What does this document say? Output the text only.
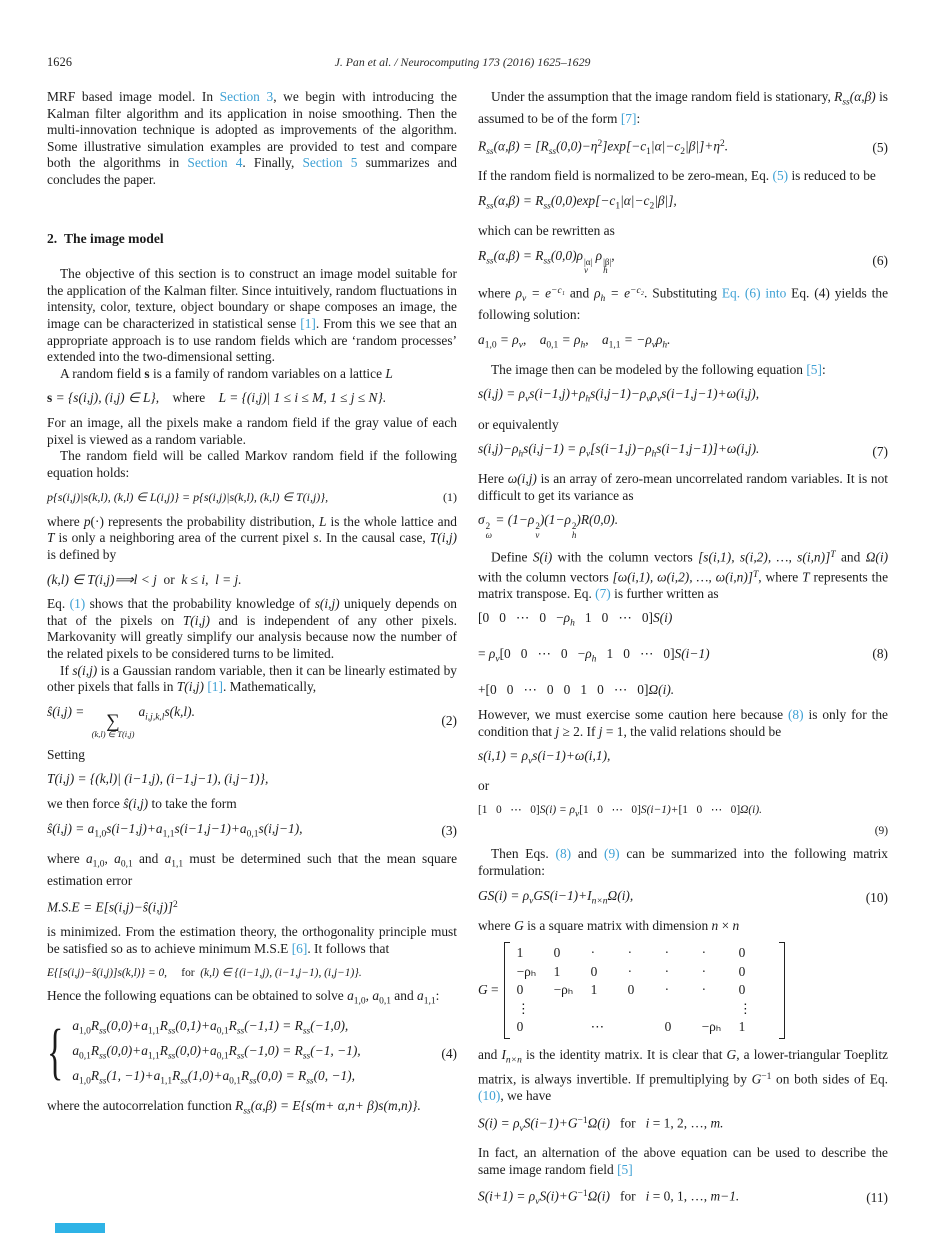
1626	J. Pan et al. / Neurocomputing 173 (2016) 1625–1629
MRF based image model. In Section 3, we begin with introducing the Kalman filter algorithm and its application in noise smoothing. Then the multi-innovation technique is adopted as improvements of the algorithm. Some illustrative simulation examples are provided to test and compare both the algorithms in Section 4. Finally, Section 5 summarizes and concludes the paper.
2. The image model
The objective of this section is to construct an image model suitable for the application of the Kalman filter. Since intuitively, random fluctuations in intensity, color, texture, object boundary or shape composes an image, the image can be characterized in statistical sense [1]. From this we see that an appropriate approach is to use random fields which are ‘random processes’ extended into the two-dimensional setting.
A random field s is a family of random variables on a lattice L
s = {s(i,j), (i,j) ∈ L}, where L = {(i,j)| 1 ≤ i ≤ M, 1 ≤ j ≤ N}.
For an image, all the pixels make a random field if the gray value of each pixel is viewed as a random variable.
The random field will be called Markov random field if the following equation holds:
p{s(i,j)|s(k,l), (k,l) ∈ L(i,j)} = p{s(i,j)|s(k,l), (k,l) ∈ T(i,j)},	(1)
where p(·) represents the probability distribution, L is the whole lattice and T is only a neighboring area of the current pixel s. In the causal case, T(i,j) is defined by
(k,l) ∈ T(i,j)⟹l < j or k ≤ i,  l = j.
Eq. (1) shows that the probability knowledge of s(i,j) uniquely depends on that of the pixels on T(i,j) and is independent of any other pixels. Markovanity will greatly simplify our analysis because now the number of the related pixels to be considered turns to be limited.
If s(i,j) is a Gaussian random variable, then it can be linearly estimated by other pixels that falls in T(i,j) [1]. Mathematically,
ŝ(i,j) = ∑
(k,l) ∈ T(i,j)
$a_{i,j,k,l}s(k,l)$.
(2)
Setting
T(i,j) = {(k,l)| (i−1,j), (i−1,j−1), (i,j−1)},
we then force ŝ(i,j) to take the form
ŝ(i,j) = $a_{1,0}s(i-1,j)+a_{1,1}s(i-1,j-1)+a_{0,1}s(i,j-1)$,	(3)
where $a_{1,0}$, $a_{0,1}$ and $a_{1,1}$ must be determined such that the mean square estimation error
M.S.E = E[s(i,j)−ŝ(i,j)]$^2$
is minimized. From the estimation theory, the orthogonality principle must be satisfied so as to achieve minimum M.S.E [6]. It follows that
E{[s(i,j)−ŝ(i,j)]s(k,l)} = 0,  for (k,l) ∈ {(i−1,j), (i−1,j−1), (i,j−1)}.
Hence the following equations can be obtained to solve $a_{1,0}$, $a_{0,1}$ and $a_{1,1}$:
{ $a_{1,0}R_{ss}(0,0)+a_{1,1}R_{ss}(0,1)+a_{0,1}R_{ss}(-1,1) = R_{ss}(-1,0)$,
$a_{0,1}R_{ss}(0,0)+a_{1,1}R_{ss}(0,0)+a_{0,1}R_{ss}(-1,0) = R_{ss}(-1$, −1),
$a_{1,0}R_{ss}(1$, $-1)+a_{1,1}R_{ss}(1,0)+a_{0,1}R_{ss}(0,0) = R_{ss}(0$, −1),
(4)
where the autocorrelation function $R_{ss}(\alpha,\beta) = E\{s(m+ \alpha,n+ \beta)s(m,n)\}$.
Under the assumption that the image random field is stationary, $R_{ss}(\alpha,\beta)$ is assumed to be of the form [7]:
$R_{ss}(\alpha,\beta) = [R_{ss}(0,0)-\eta^2]\exp[-c_1|\alpha|-c_2|\beta|]+\eta^2$.	(5)
If the random field is normalized to be zero-mean, Eq. (5) is reduced to be
$R_{ss}(\alpha,\beta) = R_{ss}(0,0)\exp[-c_1|\alpha|-c_2|\beta|]$,
which can be rewritten as
$R_{ss}(\alpha,\beta) = R_{ss}(0,0)\rho$ |α|
v
ρ |β|
h
,	(6)
where $\rho_v = e^{-c_1}$ and $\rho_h = e^{-c_2}$. Substituting Eq. (6) into Eq. (4) yields the following solution:
$a_{1,0} = \rho_v$, $a_{0,1} = \rho_h$, $a_{1,1} = -\rho_v\rho_h$.
The image then can be modeled by the following equation [5]:
$s(i,j) = \rho_vs(i-1,j)+\rho_hs(i,j-1)-\rho_v\rho_vs(i-1,j-1)+\omega(i,j)$,
or equivalently
$s(i,j)-\rho_hs(i,j-1) = \rho_v[s(i-1,j)-\rho_hs(i-1,j-1)]+\omega(i,j)$.	(7)
Here ω(i,j) is an array of zero-mean uncorrelated random variables. It is not difficult to get its variance as
σ 2
ω
= (1−ρ 2
v
)(1−ρ 2
h
)R(0,0).
Define S(i) with the column vectors [s(i,1), s(i,2), …, s(i,n)]$^T$ and Ω(i) with the column vectors [ω(i,1), ω(i,2), …, ω(i,n)]$^T$, where T represents the matrix transpose. Eq. (7) is further written as
[0   0   ⋯   $0 -\rho_h$   1   0   ⋯   0]S(i)
= $\rho_v[0$   0   ⋯   $0 -\rho_h$   1   0   ⋯   0]S(i−1)
+[0   0   ⋯   0   0   1   0   ⋯   0]Ω(i).
(8)
However, we must exercise some caution here because (8) is only for the condition that j ≥ 2. If j = 1, the valid relations should be
$s(i,1) = \rho_vs(i-1)+\omega(i,1)$,
or
[1   0   ⋯   $0]S(i) = \rho_v[1$   0   ⋯   0]S(i−1)+[1   0   ⋯   0]Ω(i).
(9)
Then Eqs. (8) and (9) can be summarized into the following matrix formulation:
$GS(i) = \rho_vGS(i-1)+I_{n\times n}\Omega(i)$,	(10)
where G is a square matrix with dimension n × n
G =
1	0	·	·	·	·	0
−ρₕ	1	0	·	·	·	0
0	−ρₕ	1	0	·	·	0
⋮	⋮
0	⋯	0	−ρₕ	1
and $I_{n\times n}$ is the identity matrix. It is clear that G, a lower-triangular Toeplitz matrix, is always invertible. If premultiplying by $G^{-1}$ on both sides of Eq. (10), we have
$S(i) = \rho_vS(i-1)+G^{-1}\Omega(i)$  for  i = 1, 2, …, m.
In fact, an alternation of the above equation can be used to describe the same image random field [5]
$S(i+1) = \rho_vS(i)+G^{-1}\Omega(i)$  for  i = 0, 1, …, m−1.	(11)
